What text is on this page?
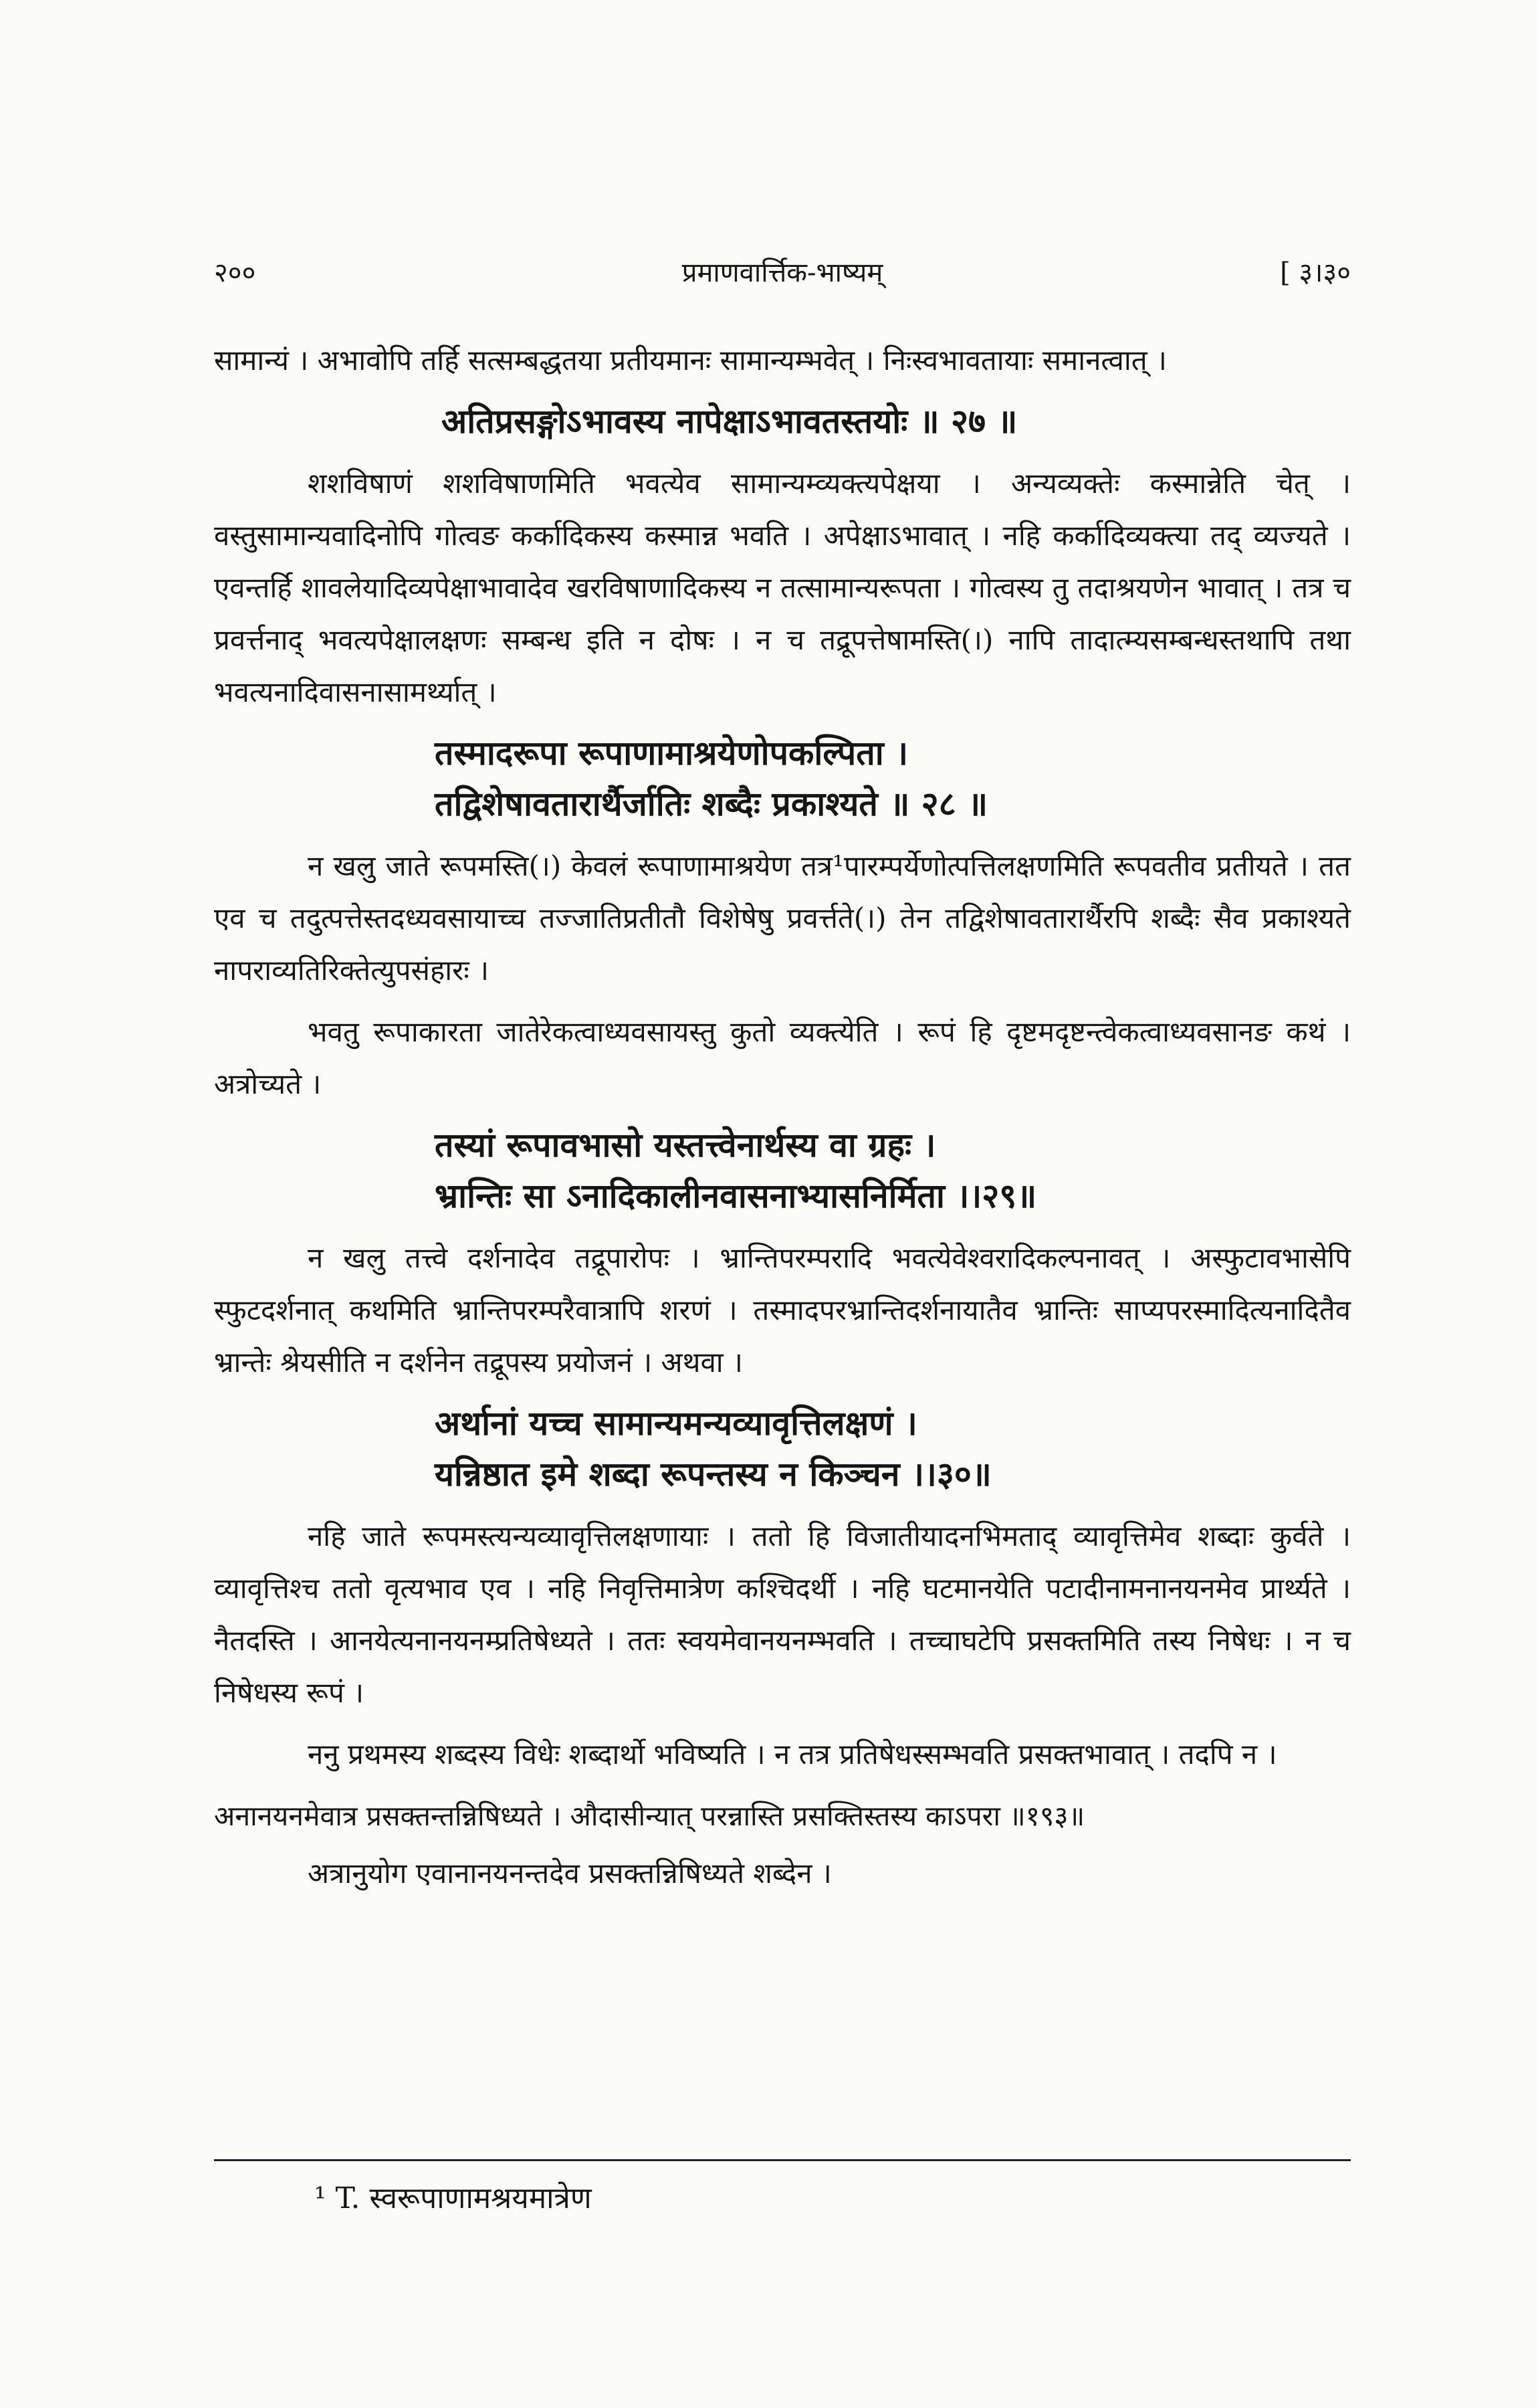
२००	प्रमाणवार्त्तिक-भाष्यम्	[ ३।३०

सामान्यं । अभावोपि तर्हि सत्सम्बद्धतया प्रतीयमानः सामान्यम्भवेत् । निःस्वभावतायाः समानत्वात् ।

अतिप्रसङ्गोऽभावस्य नापेक्षाऽभावतस्तयोः ॥ २७ ॥

शशविषाणं शशविषाणमिति भवत्येव सामान्यम्व्यक्त्यपेक्षया । अन्यव्यक्तेः कस्मान्नेति चेत् । वस्तुसामान्यवादिनोपि गोत्वङ कर्कादिकस्य कस्मान्न भवति । अपेक्षाऽभावात् । नहि कर्कादिव्यक्त्या तद् व्यज्यते । एवन्तर्हि शावलेयादिव्यपेक्षाभावादेव खरविषाणादिकस्य न तत्सामान्यरूपता । गोत्वस्य तु तदाश्रयणेन भावात् । तत्र च प्रवर्त्तनाद् भवत्यपेक्षालक्षणः सम्बन्ध इति न दोषः । न च तद्रूपत्तेषामस्ति(।) नापि तादात्म्यसम्बन्धस्तथापि तथा भवत्यनादिवासनासामर्थ्यात् ।

तस्मादरूपा रूपाणामाश्रयेणोपकल्पिता ।
तद्विशेषावतारार्थैर्जातिः शब्दैः प्रकाश्यते ॥ २८ ॥

न खलु जाते रूपमस्ति(।) केवलं रूपाणामाश्रयेण तत्र¹पारम्पर्येणोत्पत्तिलक्षणमिति रूपवतीव प्रतीयते । तत एव च तदुत्पत्तेस्तदध्यवसायाच्च तज्जातिप्रतीतौ विशेषेषु प्रवर्त्तते(।) तेन तद्विशेषावतारार्थैरपि शब्दैः सैव प्रकाश्यते नापराव्यतिरिक्तेत्युपसंहारः ।

भवतु रूपाकारता जातेरेकत्वाध्यवसायस्तु कुतो व्यक्त्येति । रूपं हि दृष्टमदृष्टन्त्वेकत्वाध्यवसानङ कथं । अत्रोच्यते ।

तस्यां रूपावभासो यस्तत्त्वेनार्थस्य वा ग्रहः ।
भ्रान्तिः सा ऽनादिकालीनवासनाभ्यासनिर्मिता ।।२९॥

न खलु तत्त्वे दर्शनादेव तद्रूपारोपः । भ्रान्तिपरम्परादि भवत्येवेश्वरादिकल्पनावत् । अस्फुटावभासेपि स्फुटदर्शनात् कथमिति भ्रान्तिपरम्परैवात्रापि शरणं । तस्मादपरभ्रान्तिदर्शनायातैव भ्रान्तिः साप्यपरस्मादित्यनादितैव भ्रान्तेः श्रेयसीति न दर्शनेन तद्रूपस्य प्रयोजनं । अथवा ।

अर्थानां यच्च सामान्यमन्यव्यावृत्तिलक्षणं ।
यन्निष्ठात इमे शब्दा रूपन्तस्य न किञ्चन ।।३०॥

नहि जाते रूपमस्त्यन्यव्यावृत्तिलक्षणायाः । ततो हि विजातीयादनभिमताद् व्यावृत्तिमेव शब्दाः कुर्वते । व्यावृत्तिश्च ततो वृत्यभाव एव । नहि निवृत्तिमात्रेण कश्चिदर्थी । नहि घटमानयेति पटादीनामनानयनमेव प्रार्थ्यते । नैतदस्ति । आनयेत्यनानयनम्प्रतिषेध्यते । ततः स्वयमेवानयनम्भवति । तच्चाघटेपि प्रसक्तमिति तस्य निषेधः । न च निषेधस्य रूपं ।

ननु प्रथमस्य शब्दस्य विधेः शब्दार्थो भविष्यति । न तत्र प्रतिषेधस्सम्भवति प्रसक्तभावात् । तदपि न ।

अनानयनमेवात्र प्रसक्तन्तन्निषिध्यते । औदासीन्यात् परन्नास्ति प्रसक्तिस्तस्य काऽपरा ॥१९३॥

अत्रानुयोग एवानानयनन्तदेव प्रसक्तन्निषिध्यते शब्देन ।

¹ T. स्वरूपाणामश्रयमात्रेण
